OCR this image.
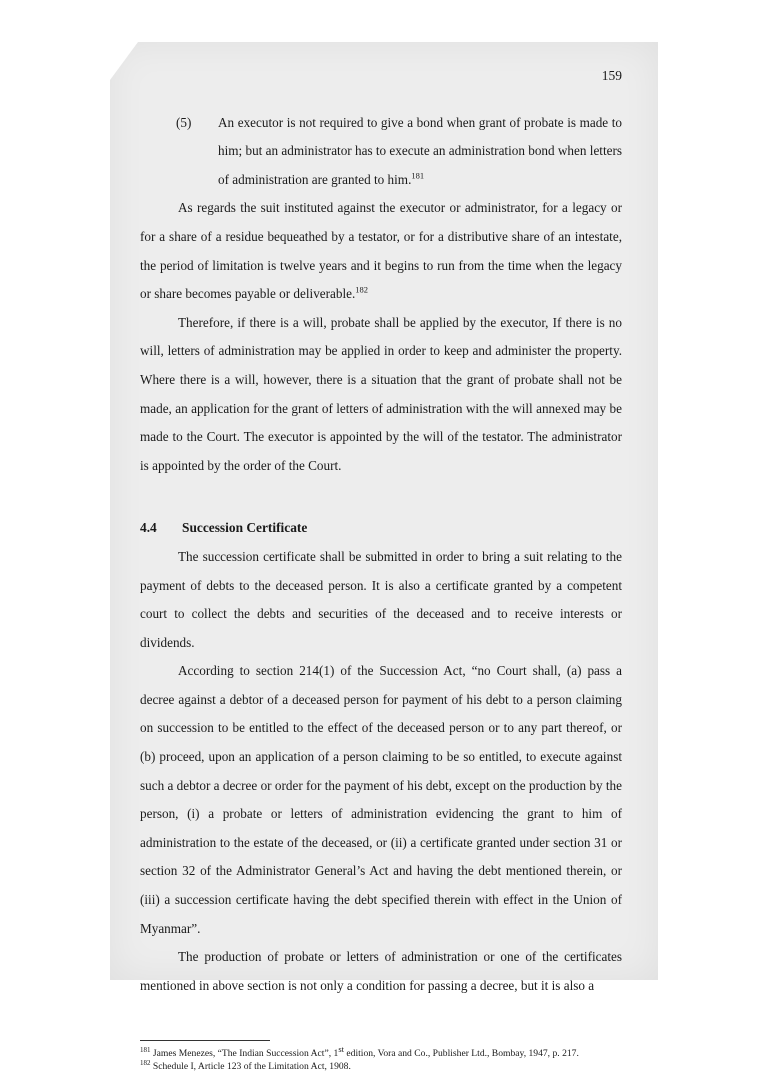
159

(5) An executor is not required to give a bond when grant of probate is made to him; but an administrator has to execute an administration bond when letters of administration are granted to him.$^{181}$

As regards the suit instituted against the executor or administrator, for a legacy or for a share of a residue bequeathed by a testator, or for a distributive share of an intestate, the period of limitation is twelve years and it begins to run from the time when the legacy or share becomes payable or deliverable.$^{182}$

Therefore, if there is a will, probate shall be applied by the executor, If there is no will, letters of administration may be applied in order to keep and administer the property. Where there is a will, however, there is a situation that the grant of probate shall not be made, an application for the grant of letters of administration with the will annexed may be made to the Court. The executor is appointed by the will of the testator. The administrator is appointed by the order of the Court.

4.4 Succession Certificate

The succession certificate shall be submitted in order to bring a suit relating to the payment of debts to the deceased person. It is also a certificate granted by a competent court to collect the debts and securities of the deceased and to receive interests or dividends.

According to section 214(1) of the Succession Act, “no Court shall, (a) pass a decree against a debtor of a deceased person for payment of his debt to a person claiming on succession to be entitled to the effect of the deceased person or to any part thereof, or (b) proceed, upon an application of a person claiming to be so entitled, to execute against such a debtor a decree or order for the payment of his debt, except on the production by the person, (i) a probate or letters of administration evidencing the grant to him of administration to the estate of the deceased, or (ii) a certificate granted under section 31 or section 32 of the Administrator General’s Act and having the debt mentioned therein, or (iii) a succession certificate having the debt specified therein with effect in the Union of Myanmar”.

The production of probate or letters of administration or one of the certificates mentioned in above section is not only a condition for passing a decree, but it is also a

$^{181}$ James Menezes, “The Indian Succession Act”, 1st edition, Vora and Co., Publisher Ltd., Bombay, 1947, p. 217.

$^{182}$ Schedule I, Article 123 of the Limitation Act, 1908.
